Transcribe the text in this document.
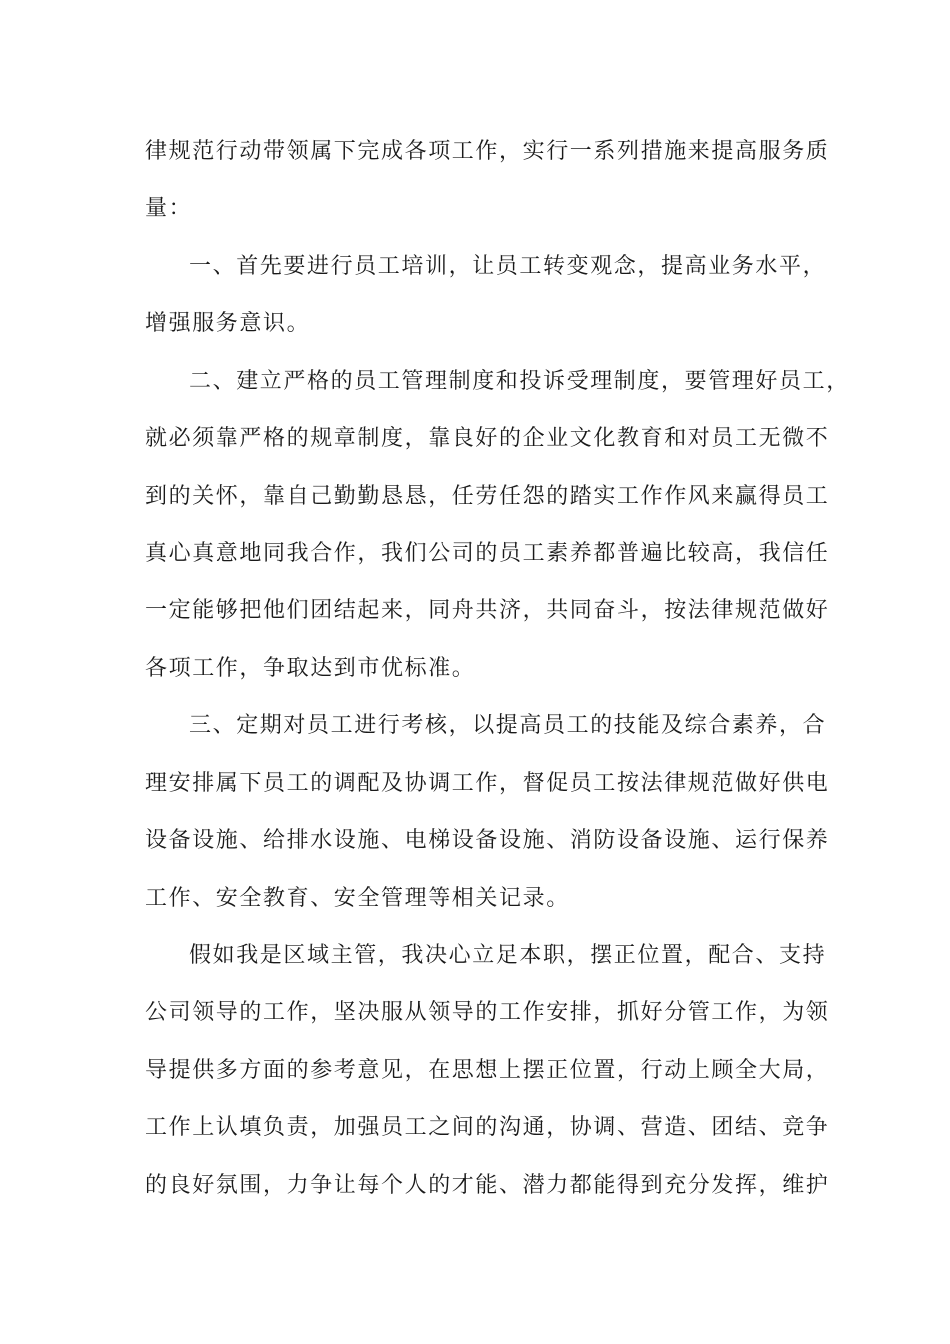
律规范行动带领属下完成各项工作，实行一系列措施来提高服务质
量：
一、首先要进行员工培训，让员工转变观念，提高业务水平，
增强服务意识。
二、建立严格的员工管理制度和投诉受理制度，要管理好员工，
就必须靠严格的规章制度，靠良好的企业文化教育和对员工无微不
到的关怀，靠自己勤勤恳恳，任劳任怨的踏实工作作风来赢得员工
真心真意地同我合作，我们公司的员工素养都普遍比较高，我信任
一定能够把他们团结起来，同舟共济，共同奋斗，按法律规范做好
各项工作，争取达到市优标准。
三、定期对员工进行考核，以提高员工的技能及综合素养，合
理安排属下员工的调配及协调工作，督促员工按法律规范做好供电
设备设施、给排水设施、电梯设备设施、消防设备设施、运行保养
工作、安全教育、安全管理等相关记录。
假如我是区域主管，我决心立足本职，摆正位置，配合、支持
公司领导的工作，坚决服从领导的工作安排，抓好分管工作，为领
导提供多方面的参考意见，在思想上摆正位置，行动上顾全大局，
工作上认填负责，加强员工之间的沟通，协调、营造、团结、竞争
的良好氛围，力争让每个人的才能、潜力都能得到充分发挥，维护
